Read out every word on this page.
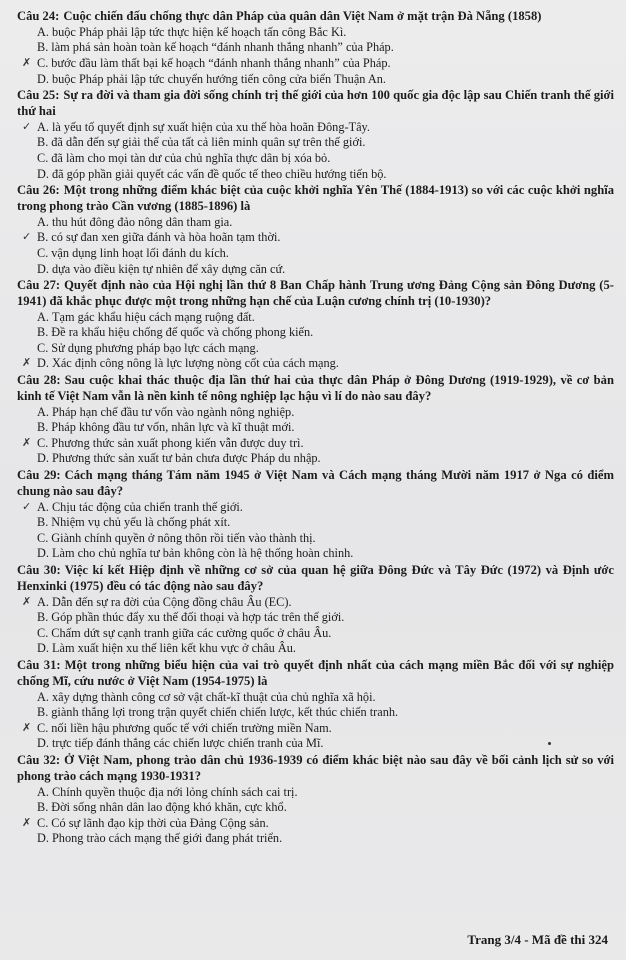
Câu 24: Cuộc chiến đấu chống thực dân Pháp của quân dân Việt Nam ở mặt trận Đà Nẵng (1858)
A. buộc Pháp phải lập tức thực hiện kế hoạch tấn công Bắc Kì.
B. làm phá sản hoàn toàn kế hoạch “đánh nhanh thắng nhanh” của Pháp.
✗ C. bước đầu làm thất bại kế hoạch “đánh nhanh thắng nhanh” của Pháp.
D. buộc Pháp phải lập tức chuyển hướng tiến công cửa biển Thuận An.
Câu 25: Sự ra đời và tham gia đời sống chính trị thế giới của hơn 100 quốc gia độc lập sau Chiến tranh thế giới thứ hai
✓ A. là yếu tố quyết định sự xuất hiện của xu thế hòa hoãn Đông-Tây.
B. đã dẫn đến sự giải thể của tất cả liên minh quân sự trên thế giới.
C. đã làm cho mọi tàn dư của chủ nghĩa thực dân bị xóa bỏ.
D. đã góp phần giải quyết các vấn đề quốc tế theo chiều hướng tiến bộ.
Câu 26: Một trong những điểm khác biệt của cuộc khởi nghĩa Yên Thế (1884-1913) so với các cuộc khởi nghĩa trong phong trào Cần vương (1885-1896) là
A. thu hút đông đảo nông dân tham gia.
✓ B. có sự đan xen giữa đánh và hòa hoãn tạm thời.
C. vận dụng linh hoạt lối đánh du kích.
D. dựa vào điều kiện tự nhiên để xây dựng căn cứ.
Câu 27: Quyết định nào của Hội nghị lần thứ 8 Ban Chấp hành Trung ương Đảng Cộng sản Đông Dương (5-1941) đã khắc phục được một trong những hạn chế của Luận cương chính trị (10-1930)?
A. Tạm gác khẩu hiệu cách mạng ruộng đất.
B. Đề ra khẩu hiệu chống đế quốc và chống phong kiến.
C. Sử dụng phương pháp bạo lực cách mạng.
✗ D. Xác định công nông là lực lượng nòng cốt của cách mạng.
Câu 28: Sau cuộc khai thác thuộc địa lần thứ hai của thực dân Pháp ở Đông Dương (1919-1929), về cơ bản kinh tế Việt Nam vẫn là nền kinh tế nông nghiệp lạc hậu vì lí do nào sau đây?
A. Pháp hạn chế đầu tư vốn vào ngành nông nghiệp.
B. Pháp không đầu tư vốn, nhân lực và kĩ thuật mới.
✗ C. Phương thức sản xuất phong kiến vẫn được duy trì.
D. Phương thức sản xuất tư bản chưa được Pháp du nhập.
Câu 29: Cách mạng tháng Tám năm 1945 ở Việt Nam và Cách mạng tháng Mười năm 1917 ở Nga có điểm chung nào sau đây?
✓ A. Chịu tác động của chiến tranh thế giới.
B. Nhiệm vụ chủ yếu là chống phát xít.
C. Giành chính quyền ở nông thôn rồi tiến vào thành thị.
D. Làm cho chủ nghĩa tư bản không còn là hệ thống hoàn chỉnh.
Câu 30: Việc kí kết Hiệp định về những cơ sở của quan hệ giữa Đông Đức và Tây Đức (1972) và Định ước Henxinki (1975) đều có tác động nào sau đây?
✗ A. Dẫn đến sự ra đời của Cộng đồng châu Âu (EC).
B. Góp phần thúc đẩy xu thế đối thoại và hợp tác trên thế giới.
C. Chấm dứt sự cạnh tranh giữa các cường quốc ở châu Âu.
D. Làm xuất hiện xu thế liên kết khu vực ở châu Âu.
Câu 31: Một trong những biểu hiện của vai trò quyết định nhất của cách mạng miền Bắc đối với sự nghiệp chống Mĩ, cứu nước ở Việt Nam (1954-1975) là
A. xây dựng thành công cơ sở vật chất-kĩ thuật của chủ nghĩa xã hội.
B. giành thắng lợi trong trận quyết chiến chiến lược, kết thúc chiến tranh.
✗ C. nối liền hậu phương quốc tế với chiến trường miền Nam.
D. trực tiếp đánh thắng các chiến lược chiến tranh của Mĩ.
Câu 32: Ở Việt Nam, phong trào dân chủ 1936-1939 có điểm khác biệt nào sau đây về bối cảnh lịch sử so với phong trào cách mạng 1930-1931?
A. Chính quyền thuộc địa nới lỏng chính sách cai trị.
B. Đời sống nhân dân lao động khó khăn, cực khổ.
✗ C. Có sự lãnh đạo kịp thời của Đảng Cộng sản.
D. Phong trào cách mạng thế giới đang phát triển.
Trang 3/4 - Mã đề thi 324
